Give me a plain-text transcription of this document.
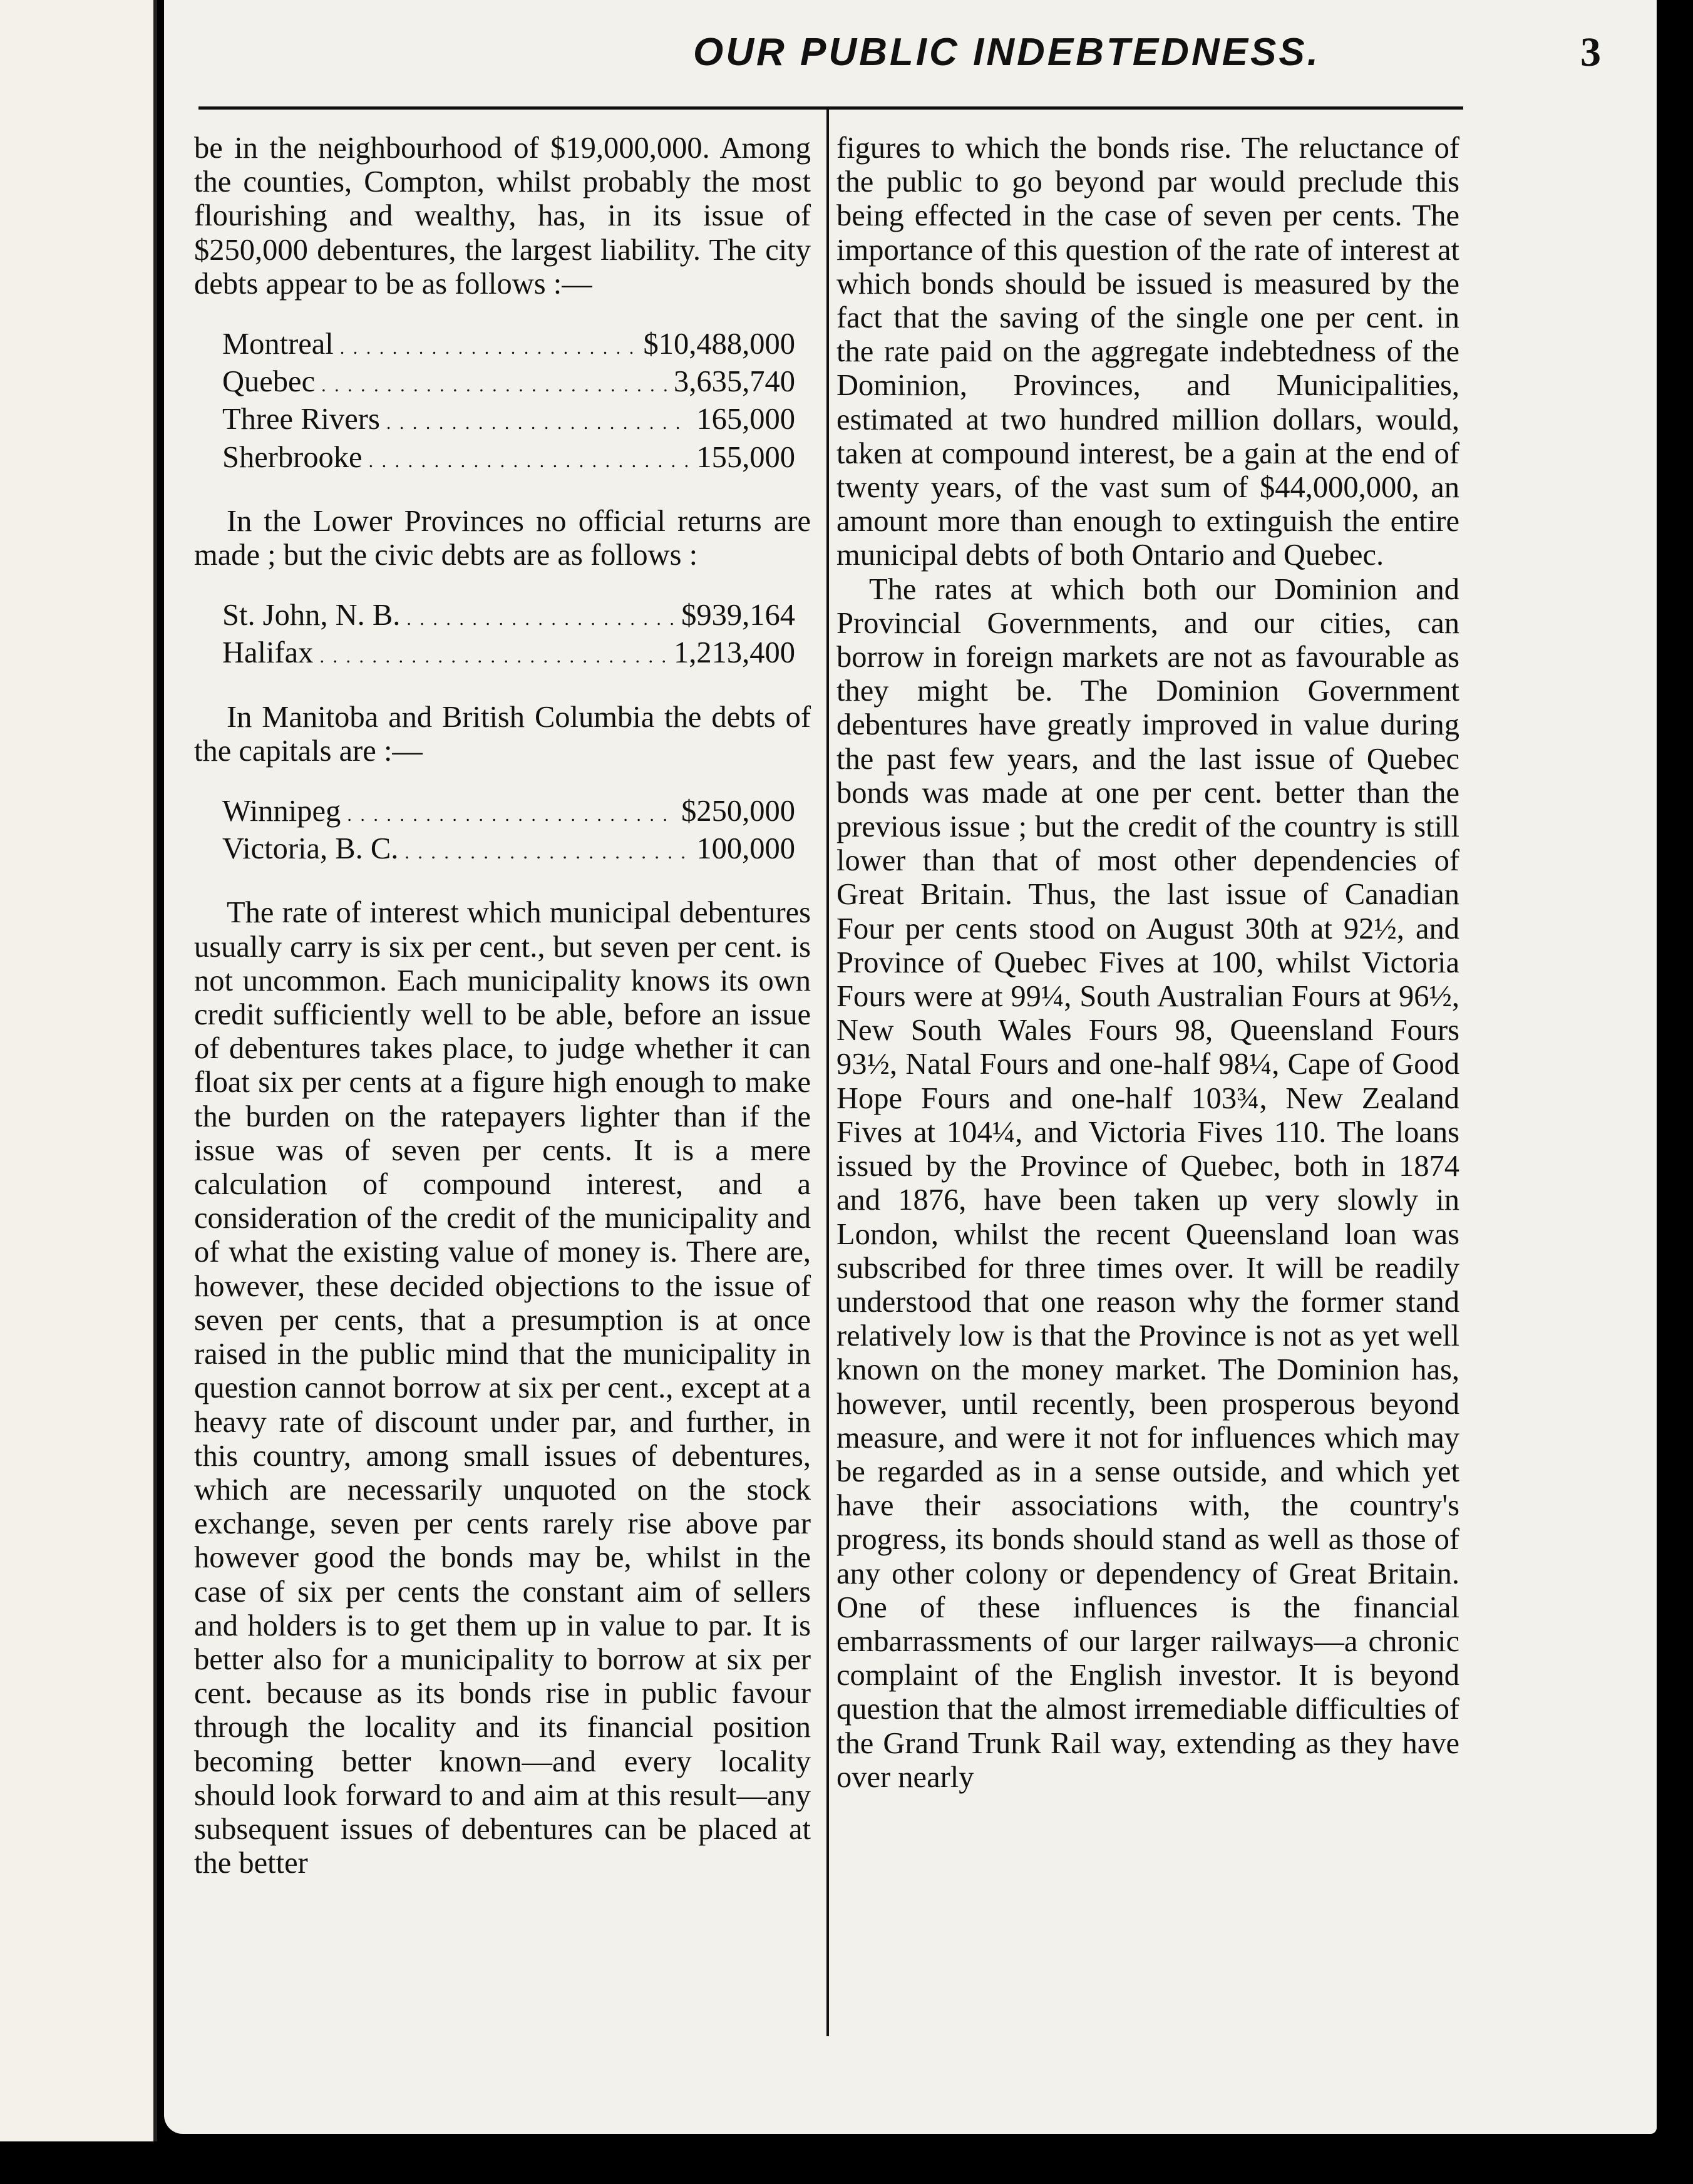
OUR PUBLIC INDEBTEDNESS.	3

be in the neighbourhood of $19,000,000. Among the counties, Compton, whilst probably the most flourishing and wealthy, has, in its issue of $250,000 debentures, the largest liability. The city debts appear to be as follows :—

Montreal . . .	$10,488,000
Quebec . . .	3,635,740
Three Rivers . . .	165,000
Sherbrooke . . .	155,000

In the Lower Provinces no official returns are made ; but the civic debts are as follows :

St. John, N. B. . . .	$939,164
Halifax . . .	1,213,400

In Manitoba and British Columbia the debts of the capitals are :—

Winnipeg . . .	$250,000
Victoria, B. C. . . .	100,000

The rate of interest which municipal debentures usually carry is six per cent., but seven per cent. is not uncommon. Each municipality knows its own credit sufficiently well to be able, before an issue of debentures takes place, to judge whether it can float six per cents at a figure high enough to make the burden on the ratepayers lighter than if the issue was of seven per cents. It is a mere calculation of compound interest, and a consideration of the credit of the municipality and of what the existing value of money is. There are, however, these decided objections to the issue of seven per cents, that a presumption is at once raised in the public mind that the municipality in question cannot borrow at six per cent., except at a heavy rate of discount under par, and further, in this country, among small issues of debentures, which are necessarily unquoted on the stock exchange, seven per cents rarely rise above par however good the bonds may be, whilst in the case of six per cents the constant aim of sellers and holders is to get them up in value to par. It is better also for a municipality to borrow at six per cent. because as its bonds rise in public favour through the locality and its financial position becoming better known—and every locality should look forward to and aim at this result—any subsequent issues of debentures can be placed at the better

figures to which the bonds rise. The reluctance of the public to go beyond par would preclude this being effected in the case of seven per cents. The importance of this question of the rate of interest at which bonds should be issued is measured by the fact that the saving of the single one per cent. in the rate paid on the aggregate indebtedness of the Dominion, Provinces, and Municipalities, estimated at two hundred million dollars, would, taken at compound interest, be a gain at the end of twenty years, of the vast sum of $44,000,000, an amount more than enough to extinguish the entire municipal debts of both Ontario and Quebec.

The rates at which both our Dominion and Provincial Governments, and our cities, can borrow in foreign markets are not as favourable as they might be. The Dominion Government debentures have greatly improved in value during the past few years, and the last issue of Quebec bonds was made at one per cent. better than the previous issue ; but the credit of the country is still lower than that of most other dependencies of Great Britain. Thus, the last issue of Canadian Four per cents stood on August 30th at 92½, and Province of Quebec Fives at 100, whilst Victoria Fours were at 99¼, South Australian Fours at 96½, New South Wales Fours 98, Queensland Fours 93½, Natal Fours and one-half 98¼, Cape of Good Hope Fours and one-half 103¾, New Zealand Fives at 104¼, and Victoria Fives 110. The loans issued by the Province of Quebec, both in 1874 and 1876, have been taken up very slowly in London, whilst the recent Queensland loan was subscribed for three times over. It will be readily understood that one reason why the former stand relatively low is that the Province is not as yet well known on the money market. The Dominion has, however, until recently, been prosperous beyond measure, and were it not for influences which may be regarded as in a sense outside, and which yet have their associations with, the country's progress, its bonds should stand as well as those of any other colony or dependency of Great Britain. One of these influences is the financial embarrassments of our larger railways—a chronic complaint of the English investor. It is beyond question that the almost irremediable difficulties of the Grand Trunk Rail way, extending as they have over nearly
